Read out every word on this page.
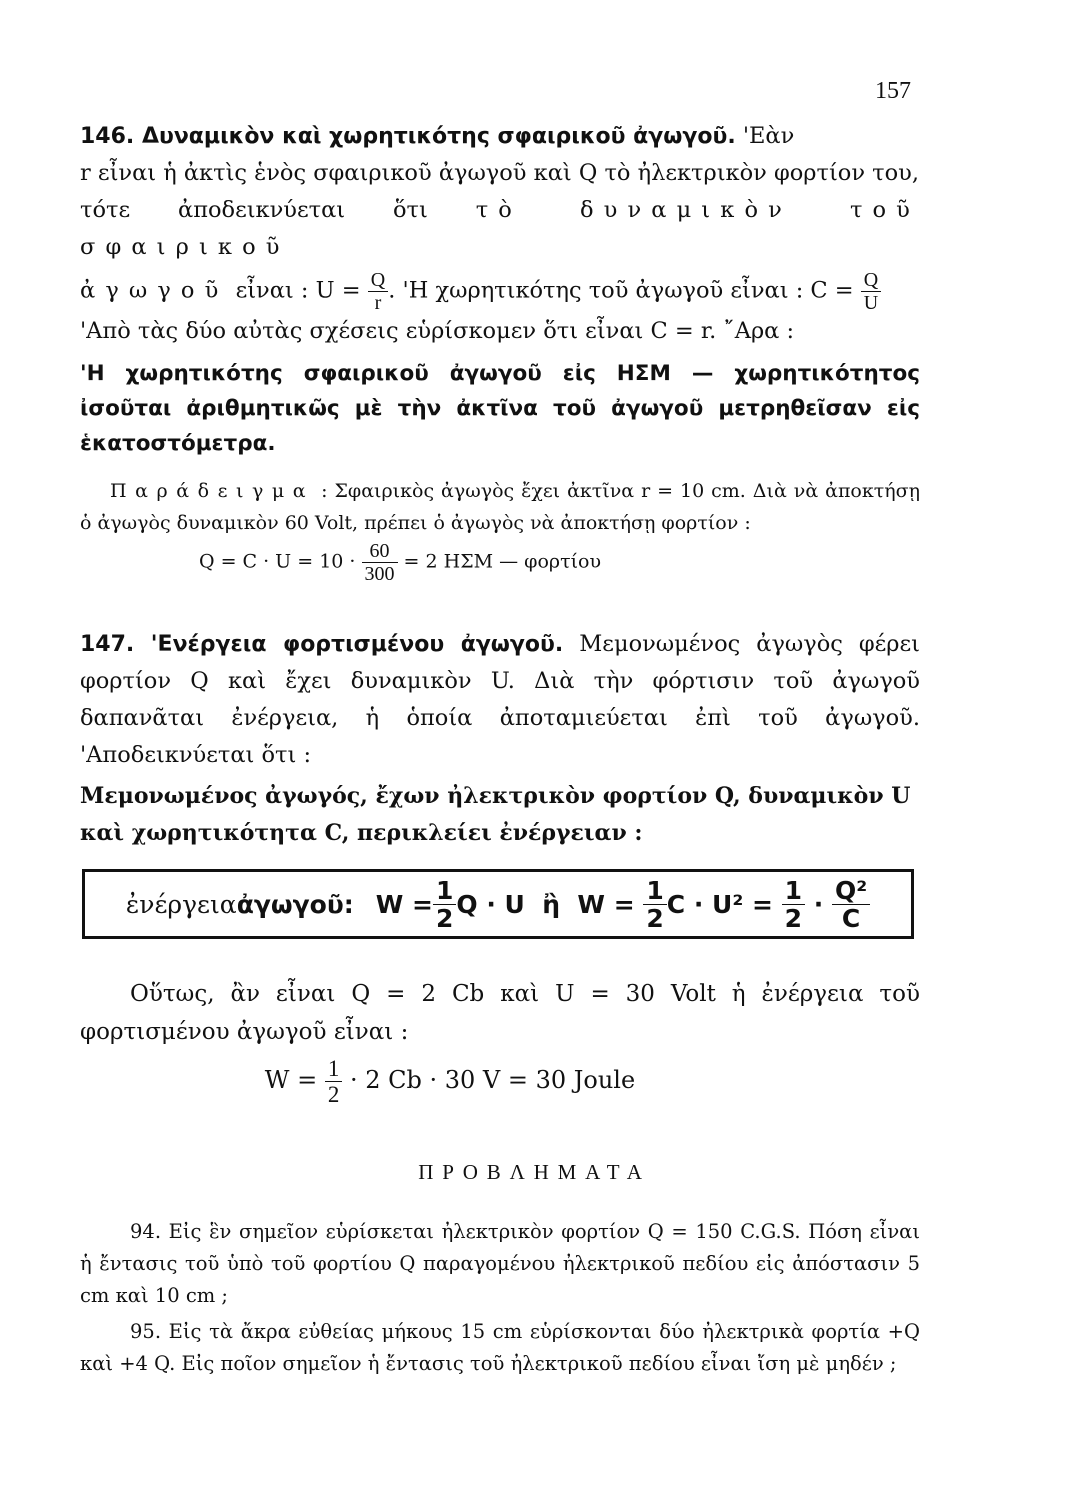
157

146. Δυναμικὸν καὶ χωρητικότης σφαιρικοῦ ἀγωγοῦ. 'Εὰν

r εἶναι ἡ ἀκτὶς ἑνὸς σφαιρικοῦ ἀγωγοῦ καὶ Q τὸ ἠλεκτρικὸν φορτίον του,

τότε ἀποδεικνύεται ὅτι τὸ δυναμικὸν τοῦ σφαιρικοῦ

ἀγωγοῦ εἶναι : $U = \frac{Q}{r}$ . 'Η χωρητικότης τοῦ ἀγωγοῦ εἶναι : $C = \frac{Q}{U}$

'Απὸ τὰς δύο αὐτὰς σχέσεις εὑρίσκομεν ὅτι εἶναι C = r. ῎Αρα :

'Η χωρητικότης σφαιρικοῦ ἀγωγοῦ εἰς ΗΣΜ — χωρητικότητος ἰσοῦται ἀριθμητικῶς μὲ τὴν ἀκτῖνα τοῦ ἀγωγοῦ μετρηθεῖσαν εἰς ἑκατοστόμετρα.

Παράδειγμα : Σφαιρικὸς ἀγωγὸς ἔχει ἀκτῖνα r = 10 cm. Διὰ νὰ ἀποκτήσῃ ὁ ἀγωγὸς δυναμικὸν 60 Volt, πρέπει ὁ ἀγωγὸς νὰ ἀποκτήσῃ φορτίον :

$Q = C \cdot U = 10 \cdot \frac{60}{300} = 2$ ΗΣΜ — φορτίου

147. 'Ενέργεια φορτισμένου ἀγωγοῦ. Μεμονωμένος ἀγωγὸς φέρει φορτίον Q καὶ ἔχει δυναμικὸν U. Διὰ τὴν φόρτισιν τοῦ ἀγωγοῦ δαπανᾶται ἐνέργεια, ἡ ὁποία ἀποταμιεύεται ἐπὶ τοῦ ἀγωγοῦ. 'Αποδεικνύεται ὅτι :

Μεμονωμένος ἀγωγός, ἔχων ἠλεκτρικὸν φορτίον Q, δυναμικὸν U καὶ χωρητικότητα C, περικλείει ἐνέργειαν :

ἐνέργεια ἀγωγοῦ: $W = \frac{1}{2}$ Q · U  ἢ  $W = \frac{1}{2}$ $C \cdot U^2 = \frac{1}{2} \cdot \frac{\text{Q²}}{C}$

Οὕτως, ἂν εἶναι Q = 2 Cb καὶ U = 30 Volt ἡ ἐνέργεια τοῦ φορτισμένου ἀγωγοῦ εἶναι :

$W = \frac{1}{2} \cdot 2$ Cb · 30 V = 30 Joule

ΠΡΟΒΛΗΜΑΤΑ

94. Εἰς ἓν σημεῖον εὑρίσκεται ἠλεκτρικὸν φορτίον Q = 150 C.G.S. Πόση εἶναι ἡ ἔντασις τοῦ ὑπὸ τοῦ φορτίου Q παραγομένου ἠλεκτρικοῦ πεδίου εἰς ἀπόστασιν 5 cm καὶ 10 cm ;

95. Εἰς τὰ ἄκρα εὐθείας μήκους 15 cm εὑρίσκονται δύο ἠλεκτρικὰ φορτία +Q καὶ +4 Q. Εἰς ποῖον σημεῖον ἡ ἔντασις τοῦ ἠλεκτρικοῦ πεδίου εἶναι ἴση μὲ μηδέν ;
